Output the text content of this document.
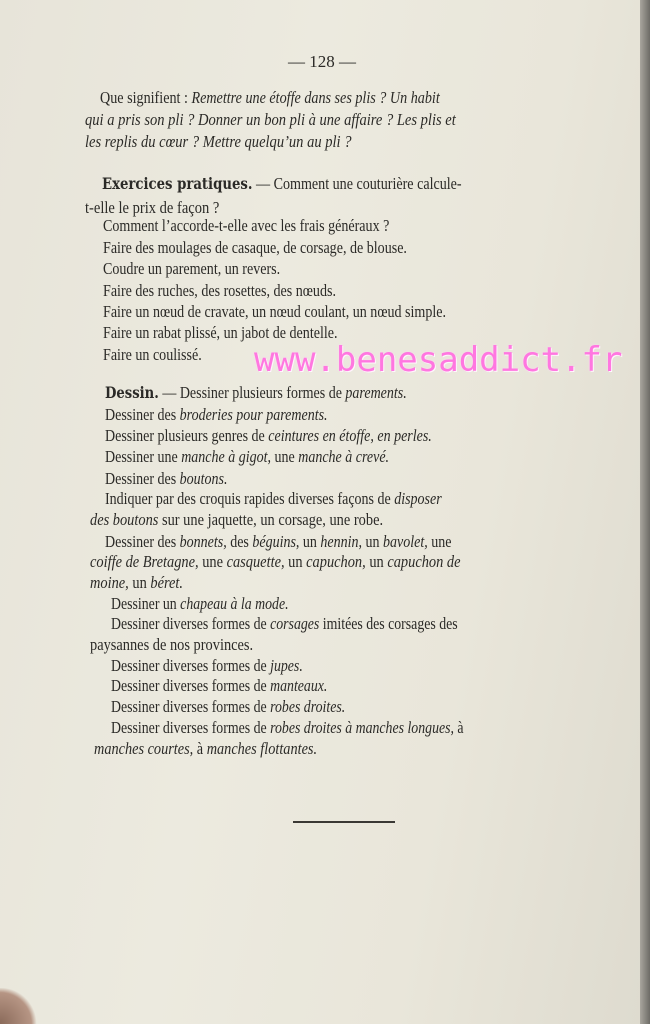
— 128 —
Que signifient : Remettre une étoffe dans ses plis ? Un habit
qui a pris son pli ? Donner un bon pli à une affaire ? Les plis et
les replis du cœur ? Mettre quelqu’un au pli ?
Exercices pratiques. — Comment une couturière calcule-
t-elle le prix de façon ?
Comment l’accorde-t-elle avec les frais généraux ?
Faire des moulages de casaque, de corsage, de blouse.
Coudre un parement, un revers.
Faire des ruches, des rosettes, des nœuds.
Faire un nœud de cravate, un nœud coulant, un nœud simple.
Faire un rabat plissé, un jabot de dentelle.
Faire un coulissé.
Dessin. — Dessiner plusieurs formes de parements.
Dessiner des broderies pour parements.
Dessiner plusieurs genres de ceintures en étoffe, en perles.
Dessiner une manche à gigot, une manche à crevé.
Dessiner des boutons.
Indiquer par des croquis rapides diverses façons de disposer
des boutons sur une jaquette, un corsage, une robe.
Dessiner des bonnets, des béguins, un hennin, un bavolet, une
coiffe de Bretagne, une casquette, un capuchon, un capuchon de
moine, un béret.
Dessiner un chapeau à la mode.
Dessiner diverses formes de corsages imitées des corsages des
paysannes de nos provinces.
Dessiner diverses formes de jupes.
Dessiner diverses formes de manteaux.
Dessiner diverses formes de robes droites.
Dessiner diverses formes de robes droites à manches longues, à
manches courtes, à manches flottantes.
www.benesaddict.fr
